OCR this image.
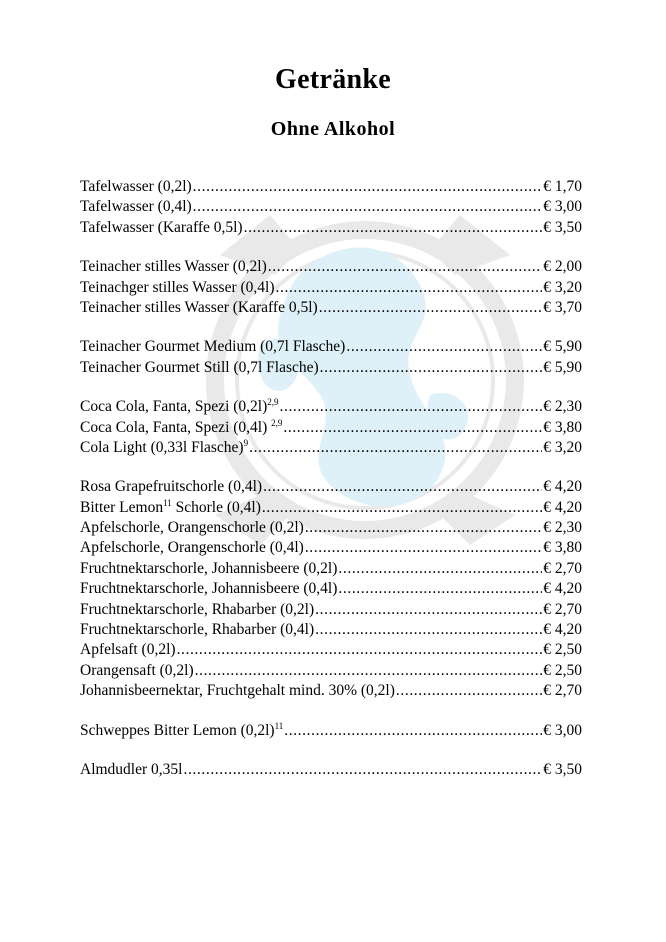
Getränke
Ohne Alkohol
Tafelwasser (0,2l) .....	€ 1,70
Tafelwasser (0,4l) .....	€ 3,00
Tafelwasser (Karaffe 0,5l) .....	€ 3,50
Teinacher stilles Wasser (0,2l) .....	€ 2,00
Teinachger stilles Wasser (0,4l) .....	€ 3,20
Teinacher stilles Wasser (Karaffe 0,5l) .....	€ 3,70
Teinacher Gourmet Medium (0,7l Flasche) .....	€ 5,90
Teinacher Gourmet Still (0,7l Flasche) .....	€ 5,90
Coca Cola, Fanta, Spezi $(0,2l)^{2,9}$ .....	€ 2,30
Coca Cola, Fanta, Spezi (0,4l) $^{2,9}$ .....	€ 3,80
Cola Light (0,33l Flasche)$^9$ .....	€ 3,20
Rosa Grapefruitschorle (0,4l) .....	€ 4,20
Bitter Lemon$^{11}$ Schorle (0,4l) .....	€ 4,20
Apfelschorle, Orangenschorle (0,2l) .....	€ 2,30
Apfelschorle, Orangenschorle (0,4l) .....	€ 3,80
Fruchtnektarschorle, Johannisbeere (0,2l) .....	€ 2,70
Fruchtnektarschorle, Johannisbeere (0,4l) .....	€ 4,20
Fruchtnektarschorle, Rhabarber (0,2l) .....	€ 2,70
Fruchtnektarschorle, Rhabarber (0,4l) .....	€ 4,20
Apfelsaft (0,2l) .....	€ 2,50
Orangensaft (0,2l) .....	€ 2,50
Johannisbeernektar, Fruchtgehalt mind. 30% (0,2l) .....	€ 2,70
Schweppes Bitter Lemon $(0,2l)^{11}$ .....	€ 3,00
Almdudler 0,35l .....	€ 3,50
